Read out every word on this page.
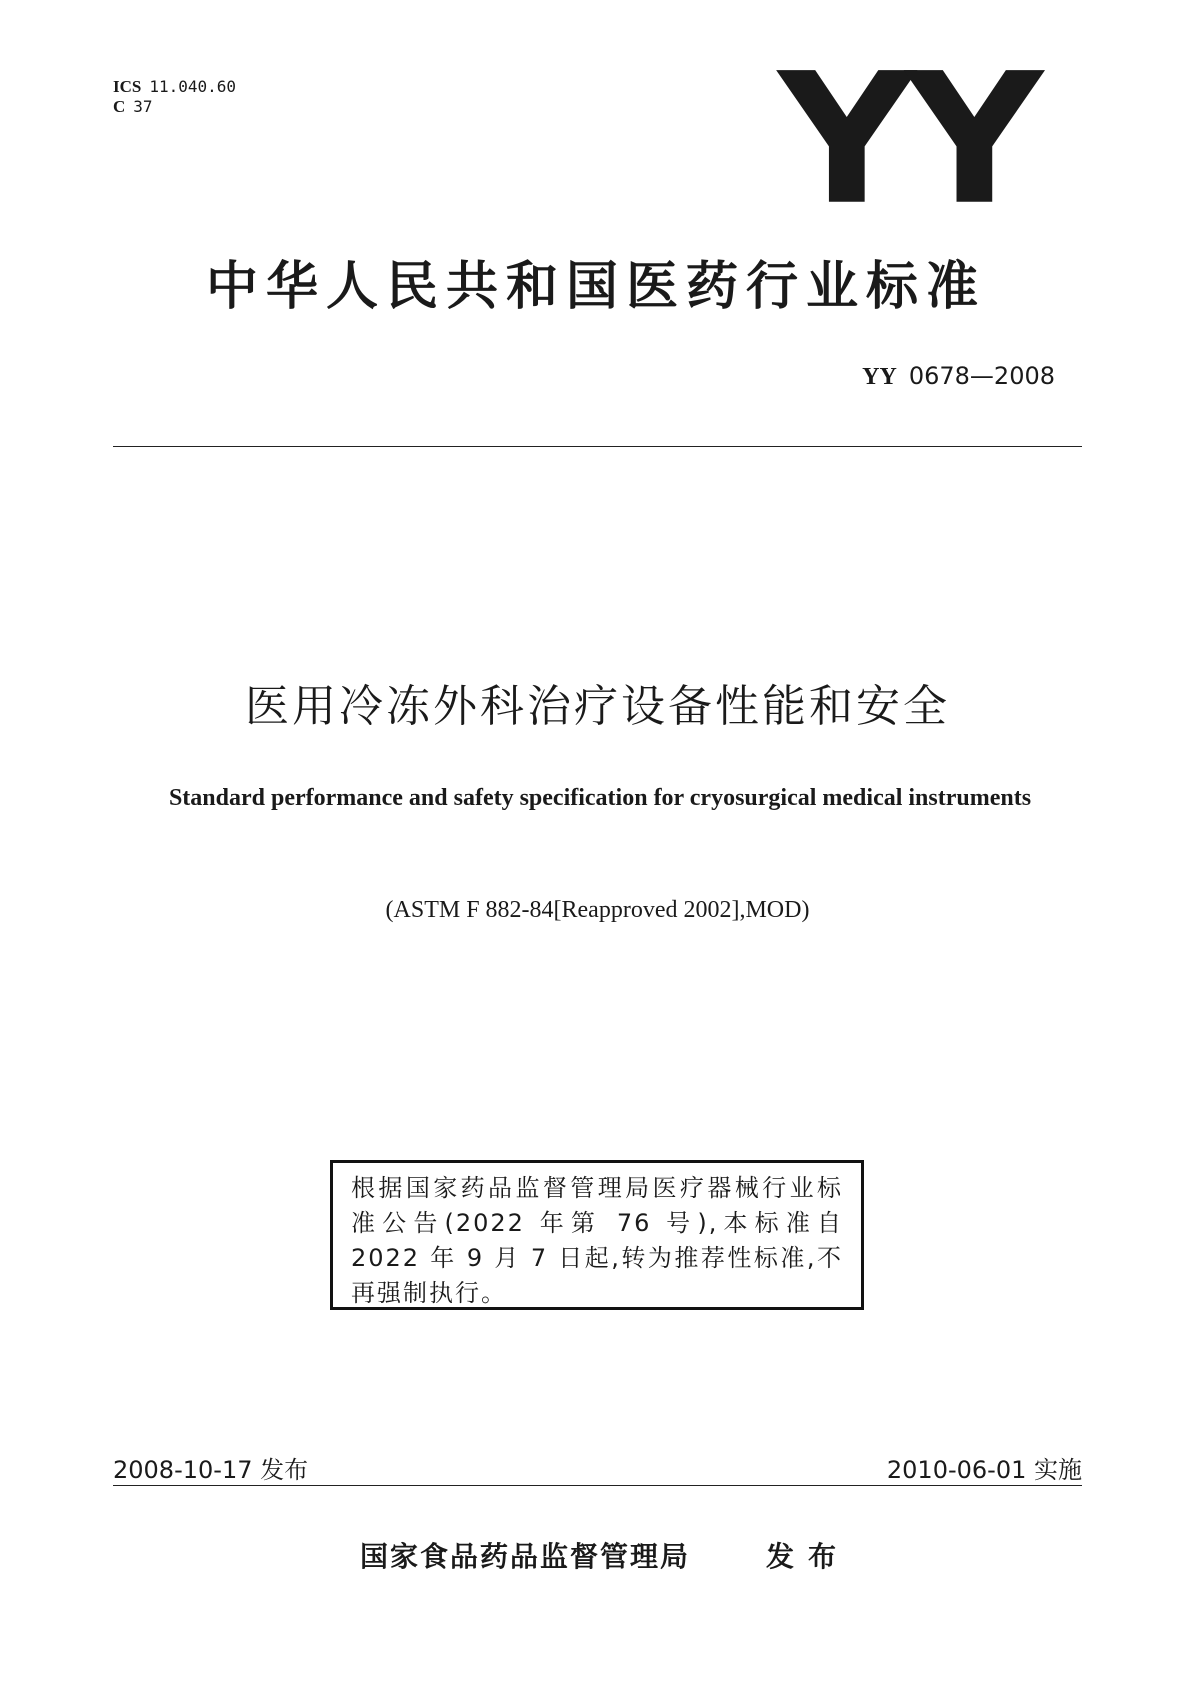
ICS 11.040.60
C 37	YY
中华人民共和国医药行业标准
YY 0678—2008
医用冷冻外科治疗设备性能和安全
Standard performance and safety specification for cryosurgical medical instruments
(ASTM F 882-84[Reapproved 2002],MOD)
根据国家药品监督管理局医疗器械行业标准公告(2022 年第 76 号),本标准自 2022 年 9 月 7 日起,转为推荐性标准,不再强制执行。
2008-10-17 发布	2010-06-01 实施
国家食品药品监督管理局	发布
